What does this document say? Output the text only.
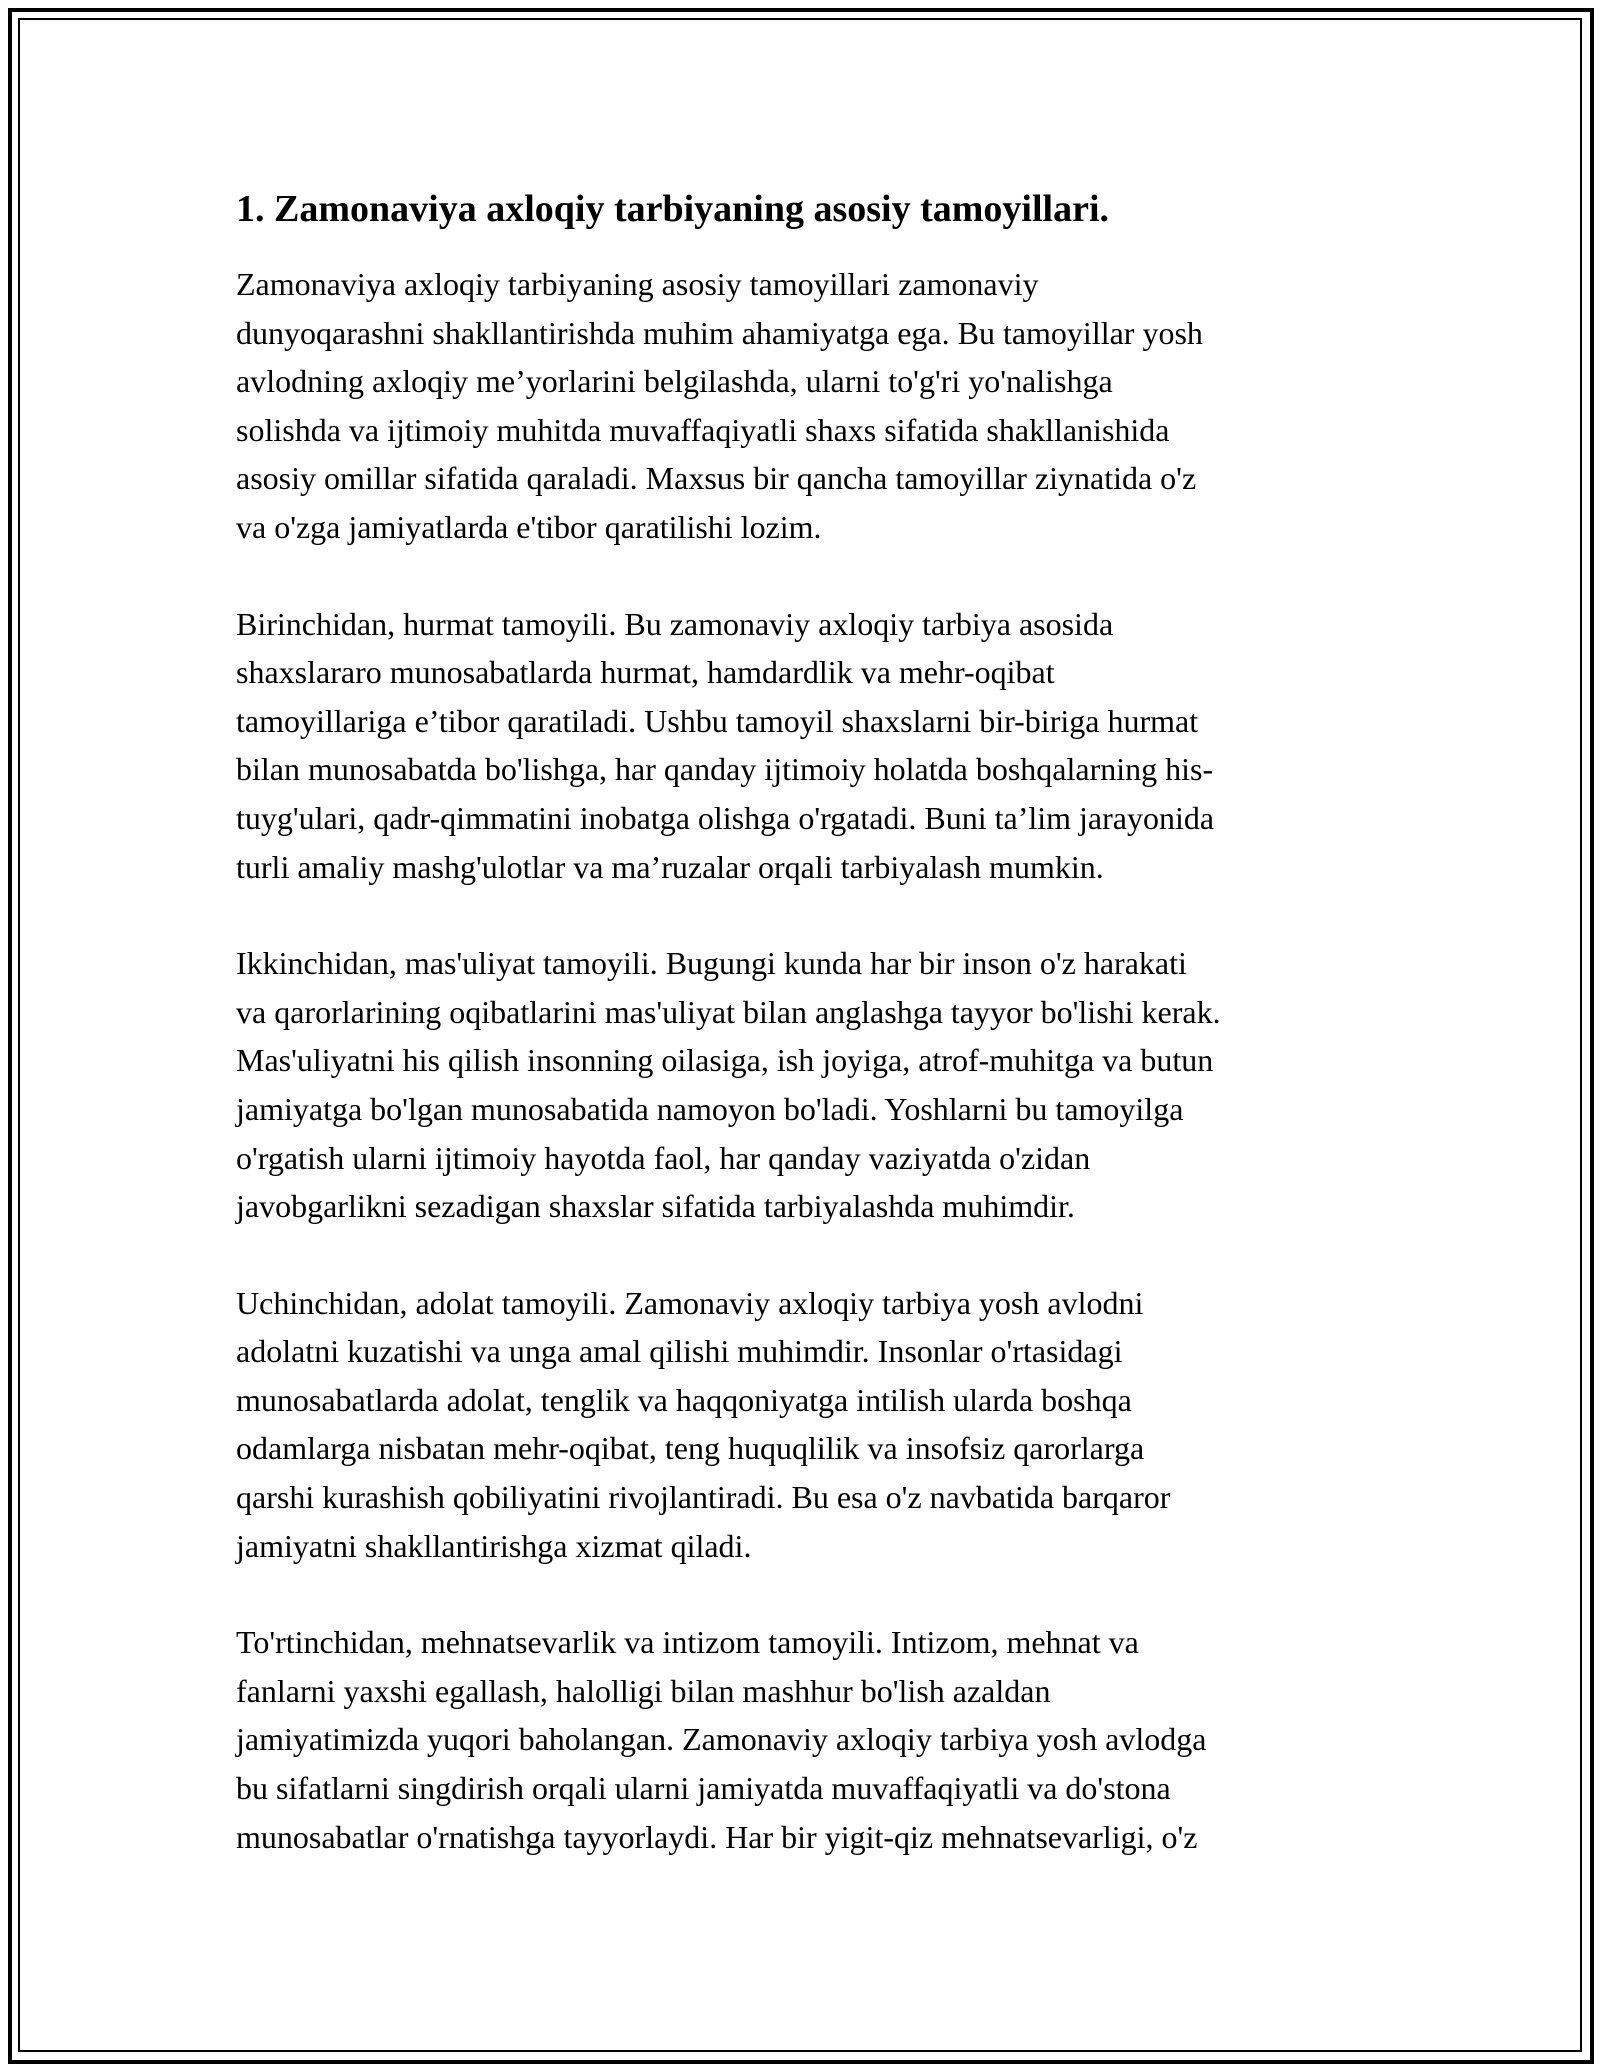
1. Zamonaviya axloqiy tarbiyaning asosiy tamoyillari.

Zamonaviya axloqiy tarbiyaning asosiy tamoyillari zamonaviy
dunyoqarashni shakllantirishda muhim ahamiyatga ega. Bu tamoyillar yosh
avlodning axloqiy me’yorlarini belgilashda, ularni to'g'ri yo'nalishga
solishda va ijtimoiy muhitda muvaffaqiyatli shaxs sifatida shakllanishida
asosiy omillar sifatida qaraladi. Maxsus bir qancha tamoyillar ziynatida o'z
va o'zga jamiyatlarda e'tibor qaratilishi lozim.

Birinchidan, hurmat tamoyili. Bu zamonaviy axloqiy tarbiya asosida
shaxslararo munosabatlarda hurmat, hamdardlik va mehr-oqibat
tamoyillariga e’tibor qaratiladi. Ushbu tamoyil shaxslarni bir-biriga hurmat
bilan munosabatda bo'lishga, har qanday ijtimoiy holatda boshqalarning his-
tuyg'ulari, qadr-qimmatini inobatga olishga o'rgatadi. Buni ta’lim jarayonida
turli amaliy mashg'ulotlar va ma’ruzalar orqali tarbiyalash mumkin.

Ikkinchidan, mas'uliyat tamoyili. Bugungi kunda har bir inson o'z harakati
va qarorlarining oqibatlarini mas'uliyat bilan anglashga tayyor bo'lishi kerak.
Mas'uliyatni his qilish insonning oilasiga, ish joyiga, atrof-muhitga va butun
jamiyatga bo'lgan munosabatida namoyon bo'ladi. Yoshlarni bu tamoyilga
o'rgatish ularni ijtimoiy hayotda faol, har qanday vaziyatda o'zidan
javobgarlikni sezadigan shaxslar sifatida tarbiyalashda muhimdir.

Uchinchidan, adolat tamoyili. Zamonaviy axloqiy tarbiya yosh avlodni
adolatni kuzatishi va unga amal qilishi muhimdir. Insonlar o'rtasidagi
munosabatlarda adolat, tenglik va haqqoniyatga intilish ularda boshqa
odamlarga nisbatan mehr-oqibat, teng huquqlilik va insofsiz qarorlarga
qarshi kurashish qobiliyatini rivojlantiradi. Bu esa o'z navbatida barqaror
jamiyatni shakllantirishga xizmat qiladi.

To'rtinchidan, mehnatsevarlik va intizom tamoyili. Intizom, mehnat va
fanlarni yaxshi egallash, halolligi bilan mashhur bo'lish azaldan
jamiyatimizda yuqori baholangan. Zamonaviy axloqiy tarbiya yosh avlodga
bu sifatlarni singdirish orqali ularni jamiyatda muvaffaqiyatli va do'stona
munosabatlar o'rnatishga tayyorlaydi. Har bir yigit-qiz mehnatsevarligi, o'z
